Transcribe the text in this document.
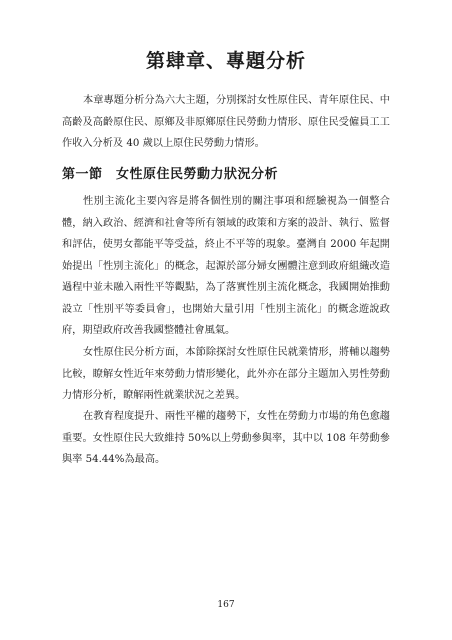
第肆章、專題分析

本章專題分析分為六大主題，分別探討女性原住民、青年原住民、中高齡及高齡原住民、原鄉及非原鄉原住民勞動力情形、原住民受僱員工工作收入分析及 40 歲以上原住民勞動力情形。

第一節　女性原住民勞動力狀況分析

性別主流化主要內容是將各個性別的關注事項和經驗視為一個整合體，納入政治、經濟和社會等所有領域的政策和方案的設計、執行、監督和評估，使男女都能平等受益，終止不平等的現象。臺灣自 2000 年起開始提出「性別主流化」的概念，起源於部分婦女團體注意到政府組織改造過程中並未融入兩性平等觀點，為了落實性別主流化概念，我國開始推動設立「性別平等委員會」，也開始大量引用「性別主流化」的概念遊說政府，期望政府改善我國整體社會風氣。

女性原住民分析方面，本節除探討女性原住民就業情形，將輔以趨勢比較，瞭解女性近年來勞動力情形變化，此外亦在部分主題加入男性勞動力情形分析，瞭解兩性就業狀況之差異。

在教育程度提升、兩性平權的趨勢下，女性在勞動力市場的角色愈趨重要。女性原住民大致維持 50%以上勞動參與率，其中以 108 年勞動參與率 54.44%為最高。

167
